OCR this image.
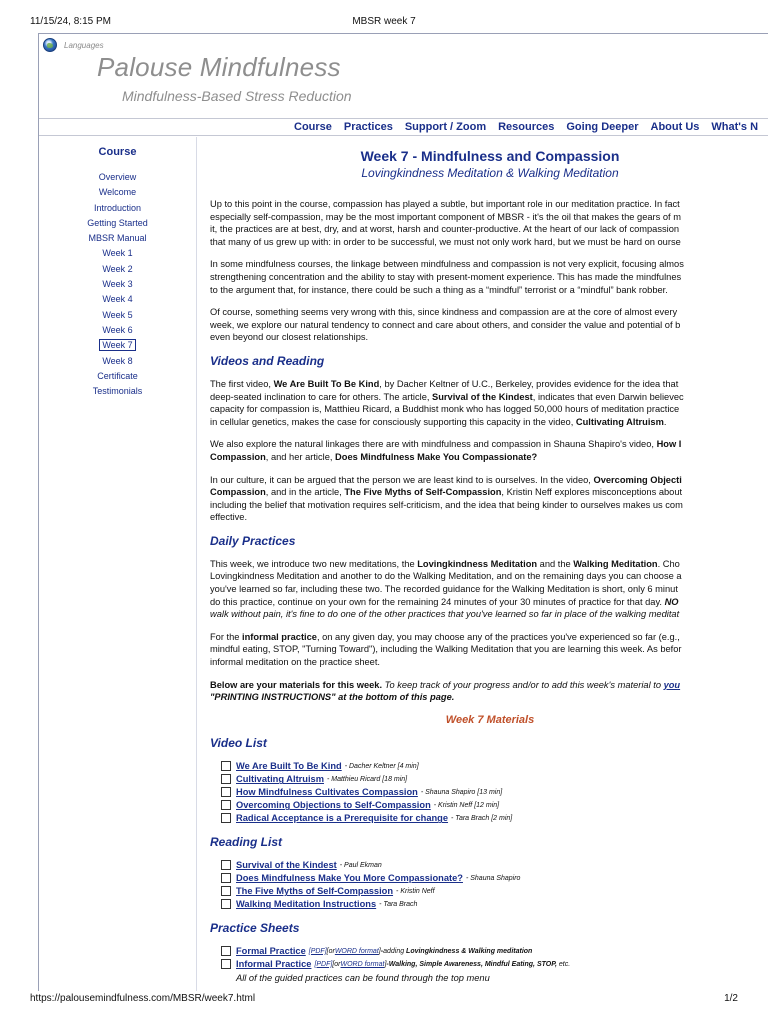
11/15/24, 8:15 PM	MBSR week 7
Languages
Palouse Mindfulness
Mindfulness-Based Stress Reduction
Course Practices Support / Zoom Resources Going Deeper About Us What's N
Course
Overview
Welcome
Introduction
Getting Started
MBSR Manual
Week 1
Week 2
Week 3
Week 4
Week 5
Week 6
Week 7
Week 8
Certificate
Testimonials
Week 7 - Mindfulness and Compassion
Lovingkindness Meditation & Walking Meditation

Up to this point in the course, compassion has played a subtle, but important role in our meditation practice. In fact
especially self-compassion, may be the most important component of MBSR - it's the oil that makes the gears of m
it, the practices are at best, dry, and at worst, harsh and counter-productive. At the heart of our lack of compassion
that many of us grew up with: in order to be successful, we must not only work hard, but we must be hard on ourse

In some mindfulness courses, the linkage between mindfulness and compassion is not very explicit, focusing almos
strengthening concentration and the ability to stay with present-moment experience. This has made the mindfulnes
to the argument that, for instance, there could be such a thing as a “mindful” terrorist or a “mindful” bank robber.

Of course, something seems very wrong with this, since kindness and compassion are at the core of almost every
week, we explore our natural tendency to connect and care about others, and consider the value and potential of b
even beyond our closest relationships.

Videos and Reading

The first video, We Are Built To Be Kind, by Dacher Keltner of U.C., Berkeley, provides evidence for the idea that
deep-seated inclination to care for others. The article, Survival of the Kindest, indicates that even Darwin believec
capacity for compassion is, Matthieu Ricard, a Buddhist monk who has logged 50,000 hours of meditation practice
in cellular genetics, makes the case for consciously supporting this capacity in the video, Cultivating Altruism.

We also explore the natural linkages there are with mindfulness and compassion in Shauna Shapiro's video, How I
Compassion, and her article, Does Mindfulness Make You Compassionate?

In our culture, it can be argued that the person we are least kind to is ourselves. In the video, Overcoming Objecti
Compassion, and in the article, The Five Myths of Self-Compassion, Kristin Neff explores misconceptions about
including the belief that motivation requires self-criticism, and the idea that being kinder to ourselves makes us com
effective.

Daily Practices

This week, we introduce two new meditations, the Lovingkindness Meditation and the Walking Meditation. Cho
Lovingkindness Meditation and another to do the Walking Meditation, and on the remaining days you can choose a
you've learned so far, including these two. The recorded guidance for the Walking Meditation is short, only 6 minut
do this practice, continue on your own for the remaining 24 minutes of your 30 minutes of practice for that day. NO
walk without pain, it's fine to do one of the other practices that you've learned so far in place of the walking meditat

For the informal practice, on any given day, you may choose any of the practices you've experienced so far (e.g.,
mindful eating, STOP, "Turning Toward"), including the Walking Meditation that you are learning this week. As befor
informal meditation on the practice sheet.

Below are your materials for this week. To keep track of your progress and/or to add this week's material to you
"PRINTING INSTRUCTIONS" at the bottom of this page.

Week 7 Materials
Video List
We Are Built To Be Kind - Dacher Keltner [4 min]
Cultivating Altruism - Matthieu Ricard [18 min]
How Mindfulness Cultivates Compassion - Shauna Shapiro [13 min]
Overcoming Objections to Self-Compassion - Kristin Neff [12 min]
Radical Acceptance is a Prerequisite for change - Tara Brach [2 min]
Reading List
Survival of the Kindest - Paul Ekman
Does Mindfulness Make You More Compassionate? - Shauna Shapiro
The Five Myths of Self-Compassion - Kristin Neff
Walking Meditation Instructions - Tara Brach
Practice Sheets
Formal Practice [PDF] [or WORD format ] - adding Lovingkindness & Walking meditation
Informal Practice [PDF] [or WORD format ] - Walking, Simple Awareness, Mindful Eating, STOP, etc.
All of the guided practices can be found through the top menu
https://palousemindfulness.com/MBSR/week7.html	1/2
